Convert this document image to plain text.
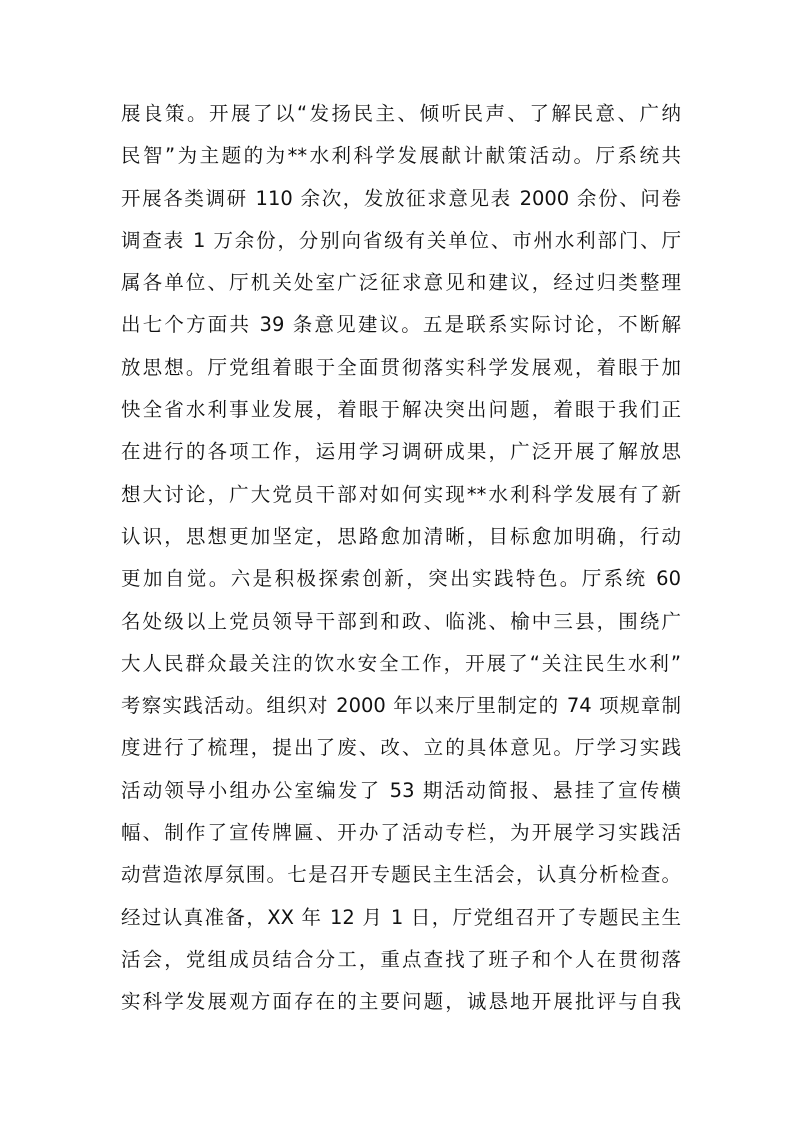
展良策。开展了以“发扬民主、倾听民声、了解民意、广纳
民智”为主题的为**水利科学发展献计献策活动。厅系统共
开展各类调研 110 余次，发放征求意见表 2000 余份、问卷
调查表 1 万余份，分别向省级有关单位、市州水利部门、厅
属各单位、厅机关处室广泛征求意见和建议，经过归类整理
出七个方面共 39 条意见建议。五是联系实际讨论，不断解
放思想。厅党组着眼于全面贯彻落实科学发展观，着眼于加
快全省水利事业发展，着眼于解决突出问题，着眼于我们正
在进行的各项工作，运用学习调研成果，广泛开展了解放思
想大讨论，广大党员干部对如何实现**水利科学发展有了新
认识，思想更加坚定，思路愈加清晰，目标愈加明确，行动
更加自觉。六是积极探索创新，突出实践特色。厅系统 60
名处级以上党员领导干部到和政、临洮、榆中三县，围绕广
大人民群众最关注的饮水安全工作，开展了“关注民生水利”
考察实践活动。组织对 2000 年以来厅里制定的 74 项规章制
度进行了梳理，提出了废、改、立的具体意见。厅学习实践
活动领导小组办公室编发了 53 期活动简报、悬挂了宣传横
幅、制作了宣传牌匾、开办了活动专栏，为开展学习实践活
动营造浓厚氛围。七是召开专题民主生活会，认真分析检查。
经过认真准备，XX 年 12 月 1 日，厅党组召开了专题民主生
活会，党组成员结合分工，重点查找了班子和个人在贯彻落
实科学发展观方面存在的主要问题，诚恳地开展批评与自我
